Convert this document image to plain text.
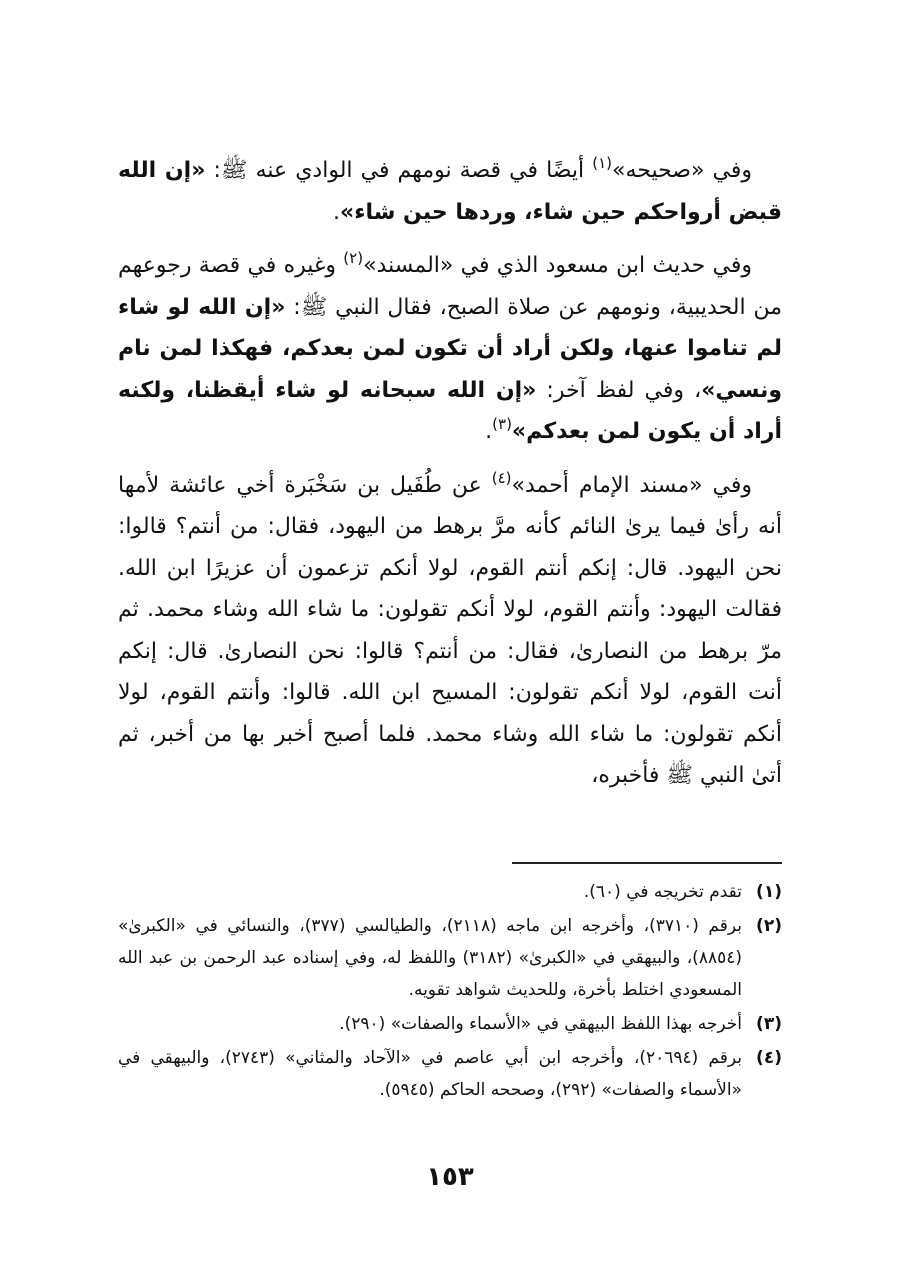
وفي «صحيحه»$^{(١)}$ أيضًا في قصة نومهم في الوادي عنه ﷺ: «إن الله قبض أرواحكم حين شاء، وردها حين شاء».

وفي حديث ابن مسعود الذي في «المسند»$^{(٢)}$ وغيره في قصة رجوعهم من الحديبية، ونومهم عن صلاة الصبح، فقال النبي ﷺ: «إن الله لو شاء لم تناموا عنها، ولكن أراد أن تكون لمن بعدكم، فهكذا لمن نام ونسي»، وفي لفظ آخر: «إن الله سبحانه لو شاء أيقظنا، ولكنه أراد أن يكون لمن بعدكم»$^{(٣)}$.

وفي «مسند الإمام أحمد»$^{(٤)}$ عن طُفَيل بن سَخْبَرة أخي عائشة لأمها أنه رأىٰ فيما يرىٰ النائم كأنه مرَّ برهط من اليهود، فقال: من أنتم؟ قالوا: نحن اليهود. قال: إنكم أنتم القوم، لولا أنكم تزعمون أن عزيرًا ابن الله. فقالت اليهود: وأنتم القوم، لولا أنكم تقولون: ما شاء الله وشاء محمد. ثم مرّ برهط من النصارىٰ، فقال: من أنتم؟ قالوا: نحن النصارىٰ. قال: إنكم أنت القوم، لولا أنكم تقولون: المسيح ابن الله. قالوا: وأنتم القوم، لولا أنكم تقولون: ما شاء الله وشاء محمد. فلما أصبح أخبر بها من أخبر، ثم أتىٰ النبي ﷺ فأخبره،

(١)
تقدم تخريجه في (٦٠).
(٢)
برقم (٣٧١٠)، وأخرجه ابن ماجه (٢١١٨)، والطيالسي (٣٧٧)، والنسائي في «الكبرىٰ» (٨٨٥٤)، والبيهقي في «الكبرىٰ» (٣١٨٢) واللفظ له، وفي إسناده عبد الرحمن بن عبد الله المسعودي اختلط بأخرة، وللحديث شواهد تقويه.
(٣)
أخرجه بهذا اللفظ البيهقي في «الأسماء والصفات» (٢٩٠).
(٤)
برقم (٢٠٦٩٤)، وأخرجه ابن أبي عاصم في «الآحاد والمثاني» (٢٧٤٣)، والبيهقي في «الأسماء والصفات» (٢٩٢)، وصححه الحاكم (٥٩٤٥).
١٥٣
